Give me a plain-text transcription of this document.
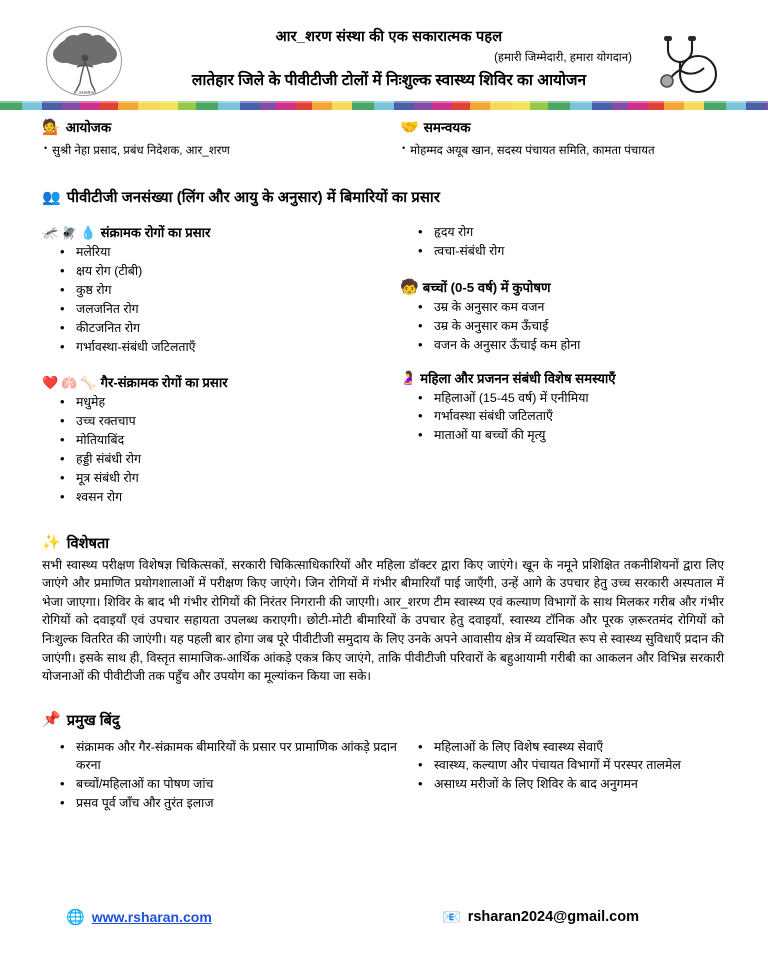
R_SHARAN
आर_शरण संस्था की एक सकारात्मक पहल
(हमारी जिम्मेदारी, हमारा योगदान)
लातेहार जिले के पीवीटीजी टोलों में निःशुल्क स्वास्थ्य शिविर का आयोजन
💁 आयोजक
• सुश्री नेहा प्रसाद, प्रबंध निदेशक, आर_शरण
🤝 समन्वयक
• मोहम्मद अयूब खान, सदस्य पंचायत समिति, कामता पंचायत
👥 पीवीटीजी जनसंख्या (लिंग और आयु के अनुसार) में बिमारियों का प्रसार
🦟 🪰 💧 संक्रामक रोगों का प्रसार
• मलेरिया
• क्षय रोग (टीबी)
• कुष्ठ रोग
• जलजनित रोग
• कीटजनित रोग
• गर्भावस्था-संबंधी जटिलताएँ
❤️ 🫁 🦴 गैर-संक्रामक रोगों का प्रसार
• मधुमेह
• उच्च रक्तचाप
• मोतियाबिंद
• हड्डी संबंधी रोग
• मूत्र संबंधी रोग
• श्वसन रोग
• हृदय रोग
• त्वचा-संबंधी रोग
🧒 बच्चों (0-5 वर्ष) में कुपोषण
• उम्र के अनुसार कम वजन
• उम्र के अनुसार कम ऊँचाई
• वजन के अनुसार ऊँचाई कम होना
🤰 महिला और प्रजनन संबंधी विशेष समस्याएँ
• महिलाओं (15-45 वर्ष) में एनीमिया
• गर्भावस्था संबंधी जटिलताएँ
• माताओं या बच्चों की मृत्यु
✨ विशेषता

सभी स्वास्थ्य परीक्षण विशेषज्ञ चिकित्सकों, सरकारी चिकित्साधिकारियों और महिला डॉक्टर द्वारा किए जाएंगे। खून के नमूने प्रशिक्षित तकनीशियनों द्वारा लिए जाएंगे और प्रमाणित प्रयोगशालाओं में परीक्षण किए जाएंगे। जिन रोगियों में गंभीर बीमारियाँ पाई जाएँगी, उन्हें आगे के उपचार हेतु उच्च सरकारी अस्पताल में भेजा जाएगा। शिविर के बाद भी गंभीर रोगियों की निरंतर निगरानी की जाएगी। आर_शरण टीम स्वास्थ्य एवं कल्याण विभागों के साथ मिलकर गरीब और गंभीर रोगियों को दवाइयाँ एवं उपचार सहायता उपलब्ध कराएगी। छोटी-मोटी बीमारियों के उपचार हेतु दवाइयाँ, स्वास्थ्य टॉनिक और पूरक ज़रूरतमंद रोगियों को निःशुल्क वितरित की जाएंगी। यह पहली बार होगा जब पूरे पीवीटीजी समुदाय के लिए उनके अपने आवासीय क्षेत्र में व्यवस्थित रूप से स्वास्थ्य सुविधाएँ प्रदान की जाएंगी। इसके साथ ही, विस्तृत सामाजिक-आर्थिक आंकड़े एकत्र किए जाएंगे, ताकि पीवीटीजी परिवारों के बहुआयामी गरीबी का आकलन और विभिन्न सरकारी योजनाओं की पीवीटीजी तक पहुँच और उपयोग का मूल्यांकन किया जा सके।

📌 प्रमुख बिंदु
• संक्रामक और गैर-संक्रामक बीमारियों के प्रसार पर प्रामाणिक आंकड़े प्रदान करना
• बच्चों/महिलाओं का पोषण जांच
• प्रसव पूर्व जाँच और तुरंत इलाज
• महिलाओं के लिए विशेष स्वास्थ्य सेवाएँ
• स्वास्थ्य, कल्याण और पंचायत विभागों में परस्पर तालमेल
• असाध्य मरीजों के लिए शिविर के बाद अनुगमन
🌐 www.rsharan.com	📧 rsharan2024@gmail.com
